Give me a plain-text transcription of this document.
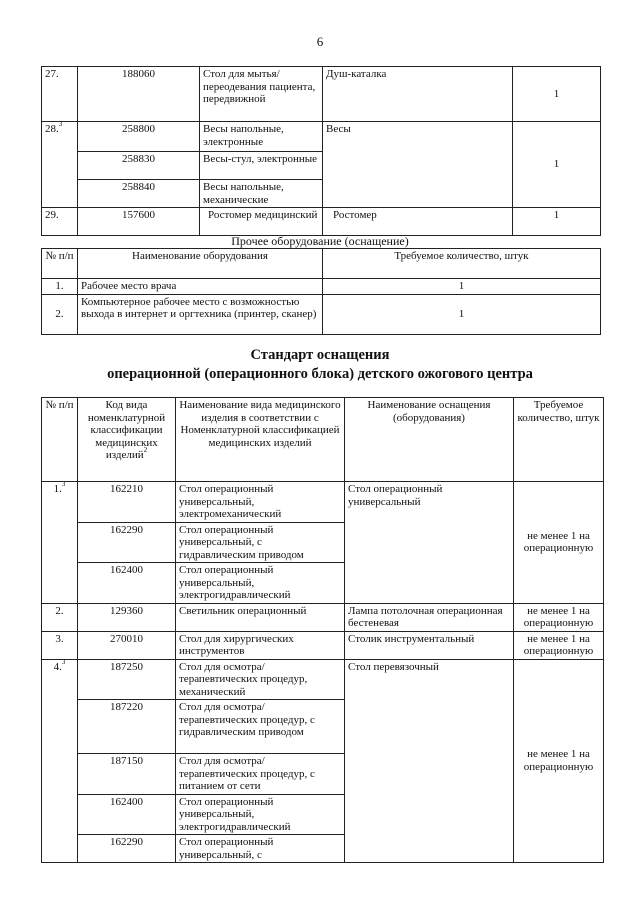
6
27.	188060	Стол для мытья/переодевания пациента, передвижной	Душ-каталка	1
28.$^3$	258800	Весы напольные, электронные	Весы	1
	258830	Весы-стул, электронные		
	258840	Весы напольные, механические		
29.	157600	Ростомер медицинский	Ростомер	1
Прочее оборудование (оснащение)
№ п/п	Наименование оборудования	Требуемое количество, штук
1.	Рабочее место врача	1
2.	Компьютерное рабочее место с возможностью выхода в интернет и оргтехника (принтер, сканер)	1
Стандарт оснащения
операционной (операционного блока) детского ожогового центра
№ п/п	Код вида номенклатурной классификации медицинских изделий$^2$	Наименование вида медицинского изделия в соответствии с Номенклатурной классификацией медицинских изделий	Наименование оснащения (оборудования)	Требуемое количество, штук
1.$^3$	162210	Стол операционный универсальный, электромеханический	Стол операционный универсальный	не менее 1 на операционную
	162290	Стол операционный универсальный, с гидравлическим приводом		
	162400	Стол операционный универсальный, электрогидравлический		
2.	129360	Светильник операционный	Лампа потолочная операционная бестеневая	не менее 1 на операционную
3.	270010	Стол для хирургических инструментов	Столик инструментальный	не менее 1 на операционную
4.$^3$	187250	Стол для осмотра/терапевтических процедур, механический	Стол перевязочный	не менее 1 на операционную
	187220	Стол для осмотра/терапевтических процедур, с гидравлическим приводом		
	187150	Стол для осмотра/терапевтических процедур, с питанием от сети		
	162400	Стол операционный универсальный, электрогидравлический		
	162290	Стол операционный универсальный, с		
